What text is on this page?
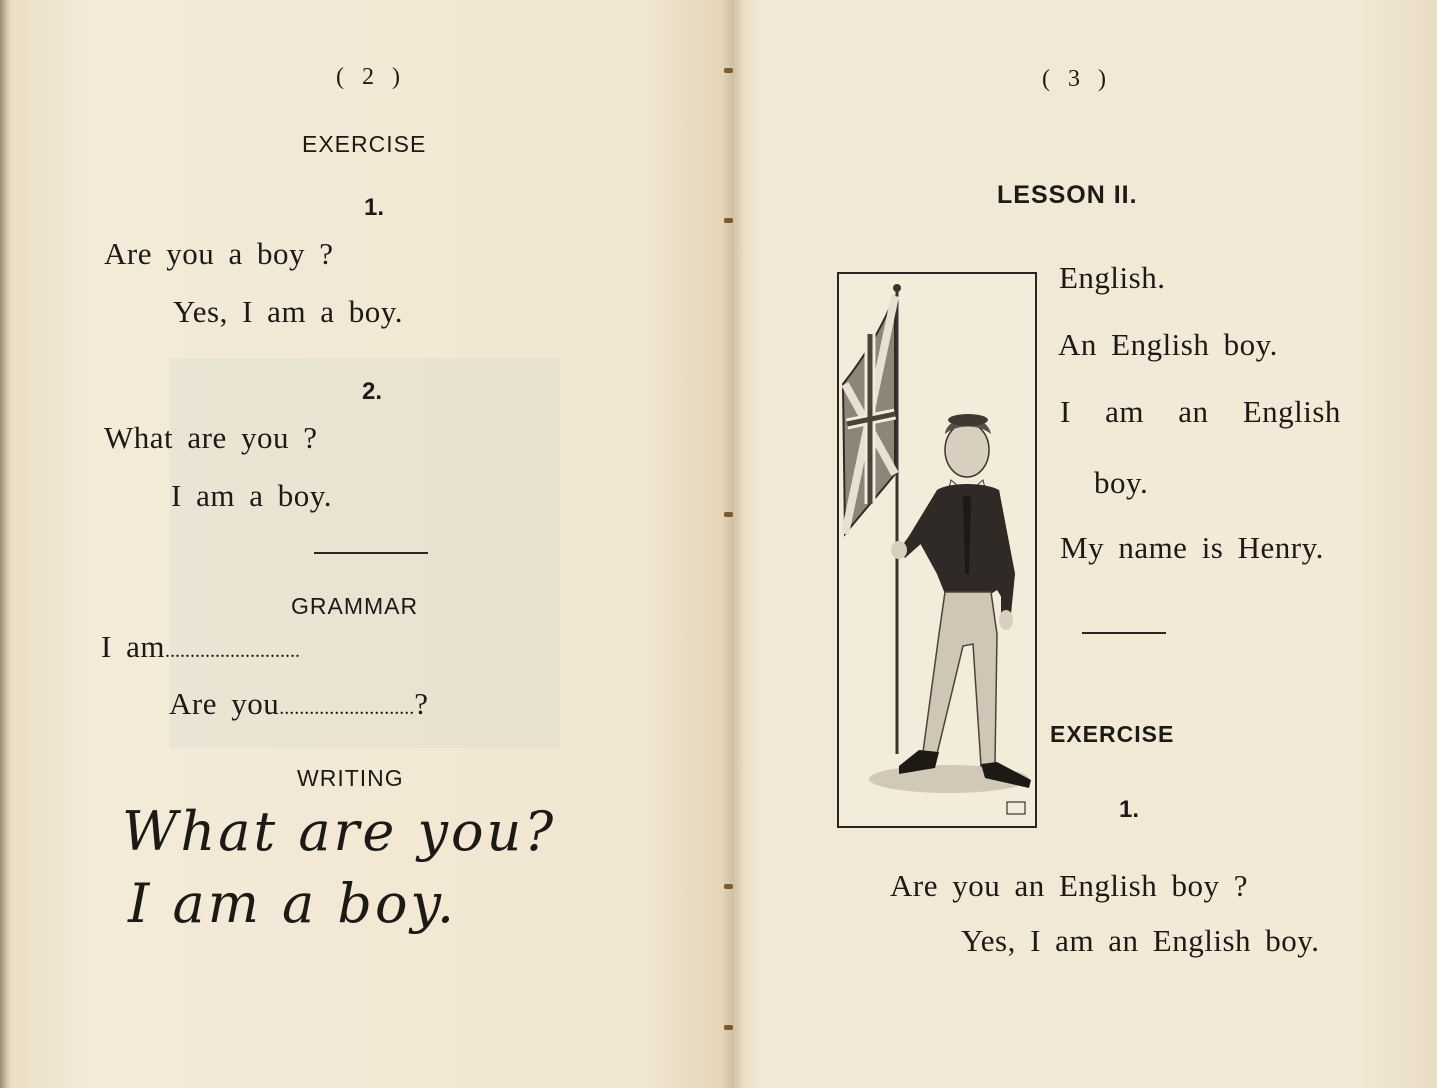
( 2 )
EXERCISE
1.
Are you a boy ?
Yes, I am a boy.
2.
What are you ?
I am a boy.
GRAMMAR
I am...........................
Are you...........................?
WRITING
What are you?
I am a boy.
( 3 )
LESSON II.
English.
An English boy.
I am an English
boy.
My name is Henry.
EXERCISE
1.
Are you an English boy ?
Yes, I am an English boy.
